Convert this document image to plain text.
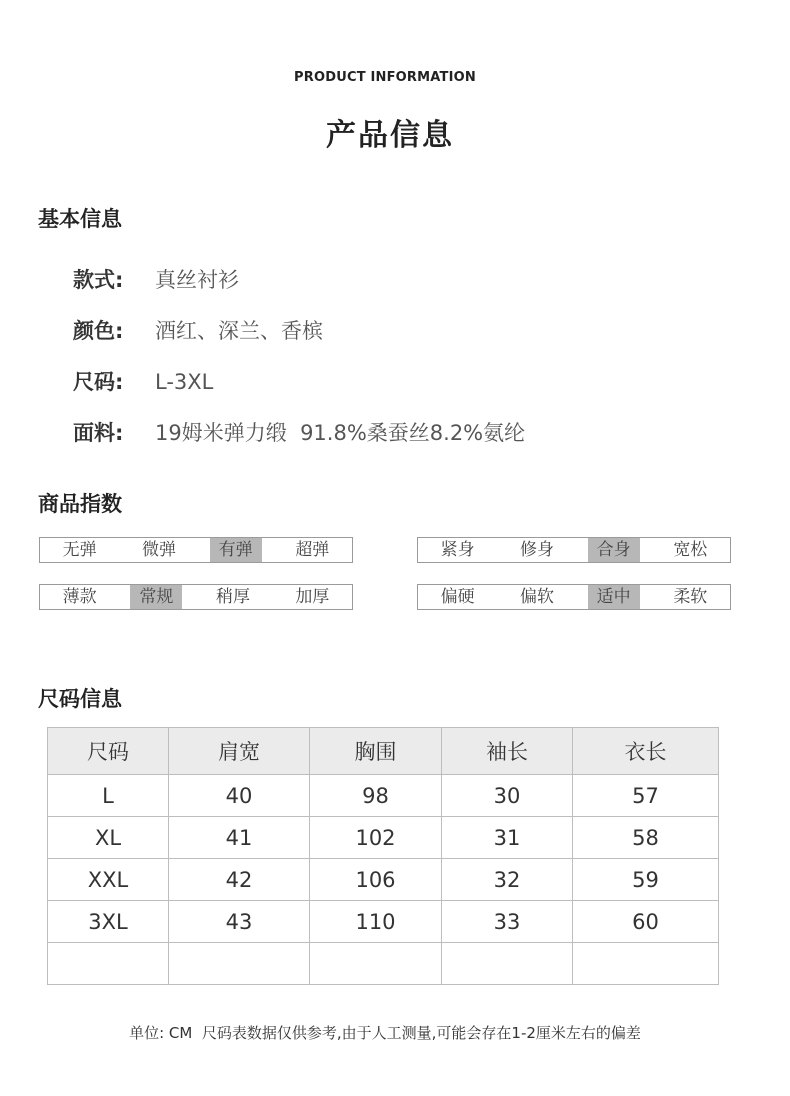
PRODUCT INFORMATION
产品信息
基本信息
款式: 真丝衬衫
颜色: 酒红、深兰、香槟
尺码: L-3XL
面料: 19姆米弹力缎  91.8%桑蚕丝8.2%氨纶
商品指数
无弹	微弹	有弹	超弹	紧身	修身	合身	宽松
薄款	常规	稍厚	加厚	偏硬	偏软	适中	柔软
尺码信息
尺码	肩宽	胸围	袖长	衣长
L	40	98	30	57
XL	41	102	31	58
XXL	42	106	32	59
3XL	43	110	33	60

单位: CM  尺码表数据仅供参考,由于人工测量,可能会存在1-2厘米左右的偏差
